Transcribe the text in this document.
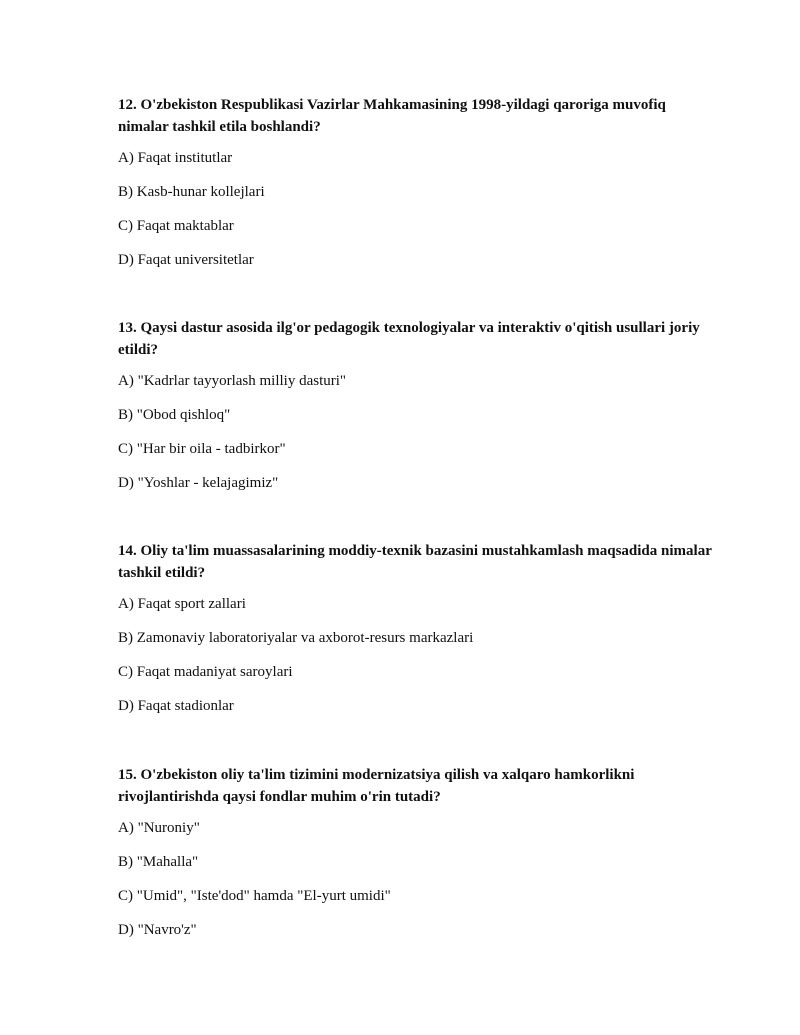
12. O'zbekiston Respublikasi Vazirlar Mahkamasining 1998-yildagi qaroriga muvofiq nimalar tashkil etila boshlandi?

A) Faqat institutlar

B) Kasb-hunar kollejlari

C) Faqat maktablar

D) Faqat universitetlar

13. Qaysi dastur asosida ilg'or pedagogik texnologiyalar va interaktiv o'qitish usullari joriy etildi?

A) "Kadrlar tayyorlash milliy dasturi"

B) "Obod qishloq"

C) "Har bir oila - tadbirkor"

D) "Yoshlar - kelajagimiz"

14. Oliy ta'lim muassasalarining moddiy-texnik bazasini mustahkamlash maqsadida nimalar tashkil etildi?

A) Faqat sport zallari

B) Zamonaviy laboratoriyalar va axborot-resurs markazlari

C) Faqat madaniyat saroylari

D) Faqat stadionlar

15. O'zbekiston oliy ta'lim tizimini modernizatsiya qilish va xalqaro hamkorlikni rivojlantirishda qaysi fondlar muhim o'rin tutadi?

A) "Nuroniy"

B) "Mahalla"

C) "Umid", "Iste'dod" hamda "El-yurt umidi"

D) "Navro'z"
